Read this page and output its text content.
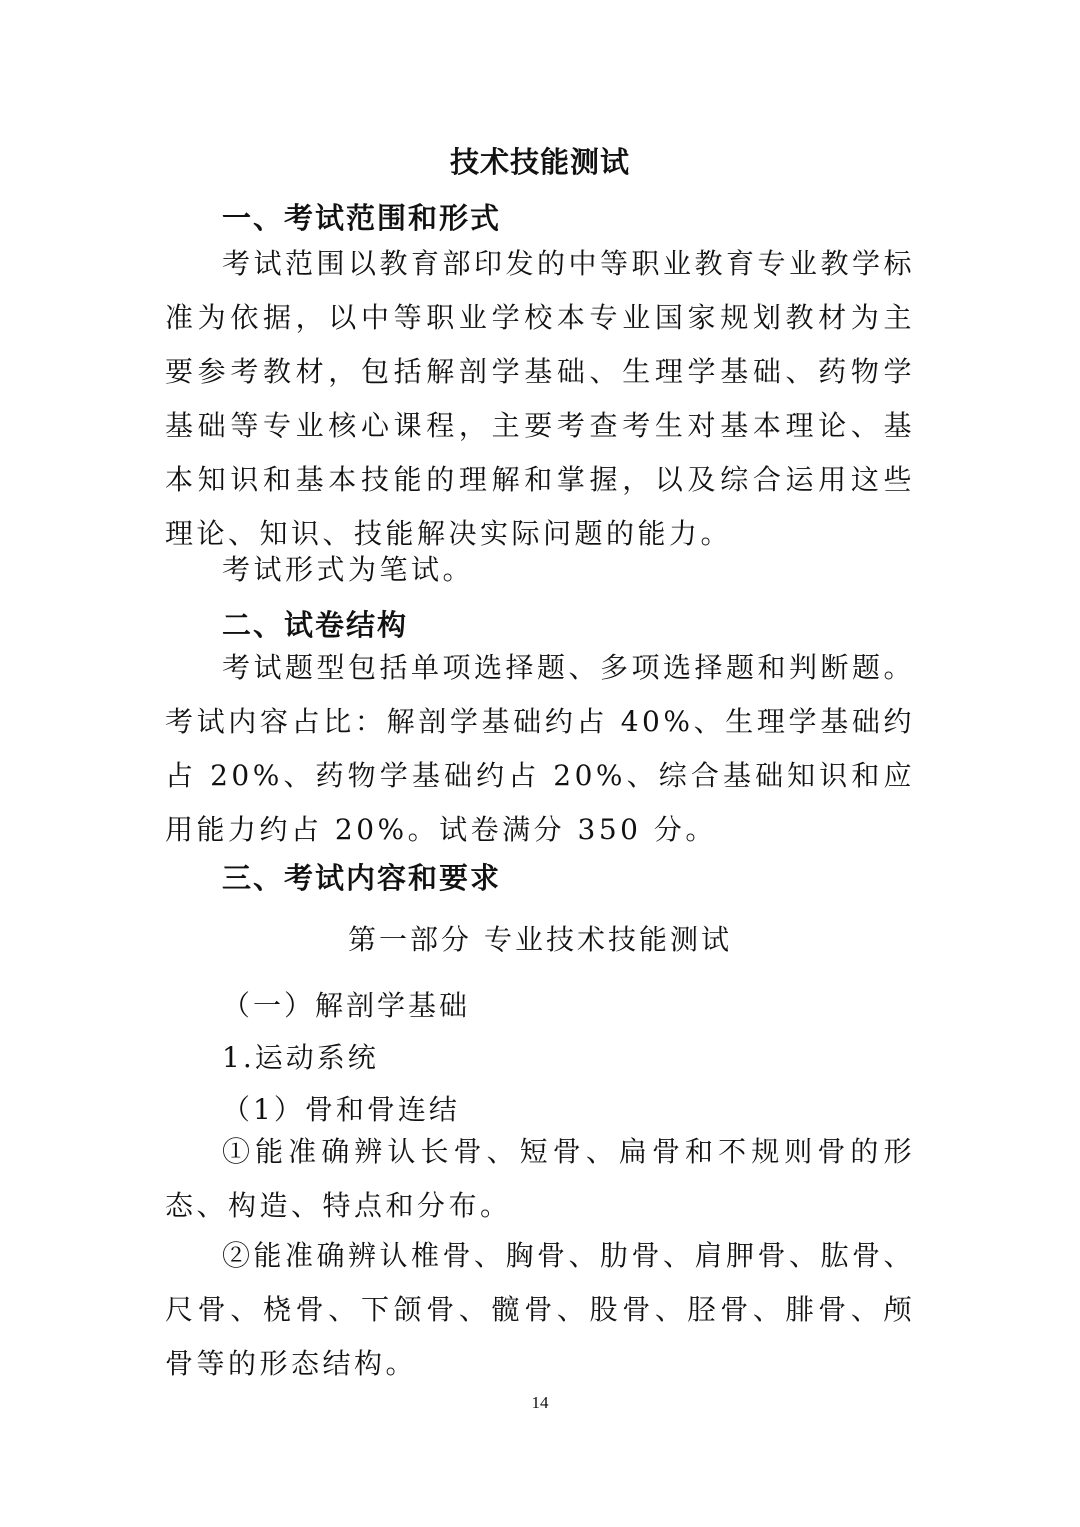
技术技能测试
一、考试范围和形式
考试范围以教育部印发的中等职业教育专业教学标准为依据，以中等职业学校本专业国家规划教材为主要参考教材，包括解剖学基础、生理学基础、药物学基础等专业核心课程，主要考查考生对基本理论、基本知识和基本技能的理解和掌握，以及综合运用这些理论、知识、技能解决实际问题的能力。
考试形式为笔试。
二、试卷结构
考试题型包括单项选择题、多项选择题和判断题。考试内容占比：解剖学基础约占 40%、生理学基础约占 20%、药物学基础约占 20%、综合基础知识和应用能力约占 20%。试卷满分 350 分。
三、考试内容和要求
第一部分 专业技术技能测试
（一）解剖学基础
1.运动系统
（1）骨和骨连结
①能准确辨认长骨、短骨、扁骨和不规则骨的形态、构造、特点和分布。
②能准确辨认椎骨、胸骨、肋骨、肩胛骨、肱骨、尺骨、桡骨、下颌骨、髋骨、股骨、胫骨、腓骨、颅骨等的形态结构。
14
